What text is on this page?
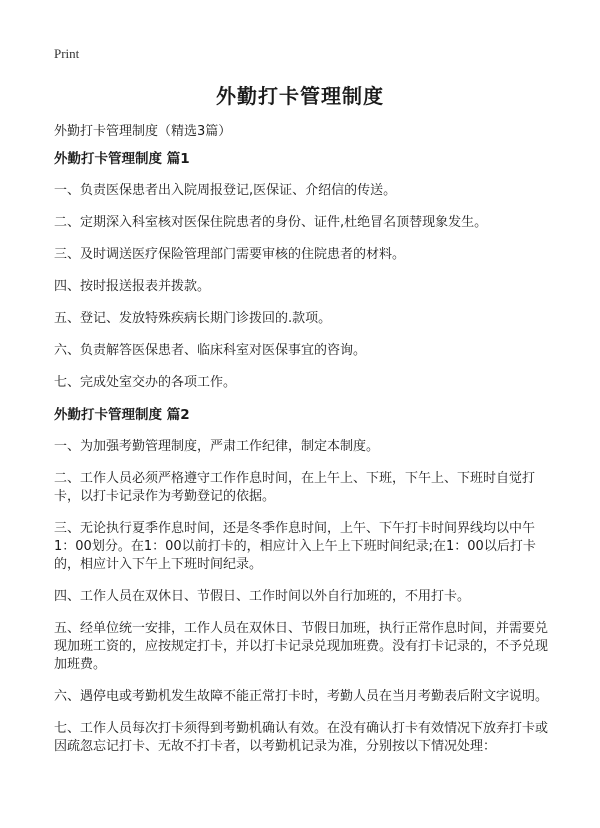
Print
外勤打卡管理制度
外勤打卡管理制度（精选3篇）
外勤打卡管理制度 篇1
一、负责医保患者出入院周报登记,医保证、介绍信的传送。
二、定期深入科室核对医保住院患者的身份、证件,杜绝冒名顶替现象发生。
三、及时调送医疗保险管理部门需要审核的住院患者的材料。
四、按时报送报表并拨款。
五、登记、发放特殊疾病长期门诊拨回的.款项。
六、负责解答医保患者、临床科室对医保事宜的咨询。
七、完成处室交办的各项工作。
外勤打卡管理制度 篇2
一、为加强考勤管理制度，严肃工作纪律，制定本制度。
二、工作人员必须严格遵守工作作息时间，在上午上、下班，下午上、下班时自觉打卡，以打卡记录作为考勤登记的依据。
三、无论执行夏季作息时间，还是冬季作息时间，上午、下午打卡时间界线均以中午1：00划分。在1：00以前打卡的，相应计入上午上下班时间纪录;在1：00以后打卡的，相应计入下午上下班时间纪录。
四、工作人员在双休日、节假日、工作时间以外自行加班的，不用打卡。
五、经单位统一安排，工作人员在双休日、节假日加班，执行正常作息时间，并需要兑现加班工资的，应按规定打卡，并以打卡记录兑现加班费。没有打卡记录的，不予兑现加班费。
六、遇停电或考勤机发生故障不能正常打卡时，考勤人员在当月考勤表后附文字说明。
七、工作人员每次打卡须得到考勤机确认有效。在没有确认打卡有效情况下放弃打卡或因疏忽忘记打卡、无故不打卡者，以考勤机记录为准，分别按以下情况处理：
